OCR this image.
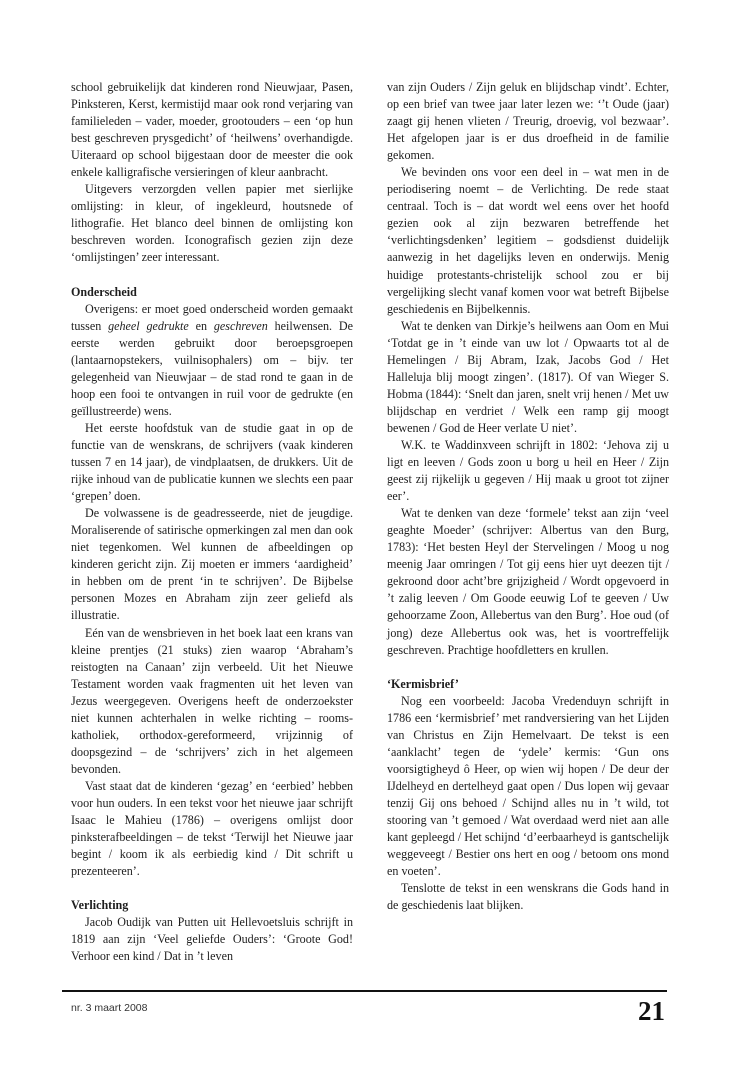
school gebruikelijk dat kinderen rond Nieuwjaar, Pasen, Pinksteren, Kerst, kermistijd maar ook rond verjaring van familieleden – vader, moeder, grootouders – een ‘op hun best geschreven prysgedicht’ of ‘heilwens’ overhandigde. Uiteraard op school bijgestaan door de meester die ook enkele kalligrafische versieringen of kleur aanbracht.

Uitgevers verzorgden vellen papier met sierlijke omlijsting: in kleur, of ingekleurd, houtsnede of lithografie. Het blanco deel binnen de omlijsting kon beschreven worden. Iconografisch gezien zijn deze ‘omlijstingen’ zeer interessant.

Onderscheid

Overigens: er moet goed onderscheid worden gemaakt tussen geheel gedrukte en geschreven heilwensen. De eerste werden gebruikt door beroepsgroepen (lantaarnopstekers, vuilnisophalers) om – bijv. ter gelegenheid van Nieuwjaar – de stad rond te gaan in de hoop een fooi te ontvangen in ruil voor de gedrukte (en geïllustreerde) wens.

Het eerste hoofdstuk van de studie gaat in op de functie van de wenskrans, de schrijvers (vaak kinderen tussen 7 en 14 jaar), de vindplaatsen, de drukkers. Uit de rijke inhoud van de publicatie kunnen we slechts een paar ‘grepen’ doen.

De volwassene is de geadresseerde, niet de jeugdige. Moraliserende of satirische opmerkingen zal men dan ook niet tegenkomen. Wel kunnen de afbeeldingen op kinderen gericht zijn. Zij moeten er immers ‘aardigheid’ in hebben om de prent ‘in te schrijven’. De Bijbelse personen Mozes en Abraham zijn zeer geliefd als illustratie.

Eén van de wensbrieven in het boek laat een krans van kleine prentjes (21 stuks) zien waarop ‘Abraham’s reistogten na Canaan’ zijn verbeeld. Uit het Nieuwe Testament worden vaak fragmenten uit het leven van Jezus weergegeven. Overigens heeft de onderzoekster niet kunnen achterhalen in welke richting – rooms-katholiek, orthodox-gereformeerd, vrijzinnig of doopsgezind – de ‘schrijvers’ zich in het algemeen bevonden.

Vast staat dat de kinderen ‘gezag’ en ‘eerbied’ hebben voor hun ouders. In een tekst voor het nieuwe jaar schrijft Isaac le Mahieu (1786) – overigens omlijst door pinksterafbeeldingen – de tekst ‘Terwijl het Nieuwe jaar begint / koom ik als eerbiedig kind / Dit schrift u prezenteeren’.

Verlichting

Jacob Oudijk van Putten uit Hellevoetsluis schrijft in 1819 aan zijn ‘Veel geliefde Ouders’: ‘Groote God! Verhoor een kind / Dat in ’t leven

van zijn Ouders / Zijn geluk en blijdschap vindt’. Echter, op een brief van twee jaar later lezen we: ‘’t Oude (jaar) zaagt gij henen vlieten / Treurig, droevig, vol bezwaar’. Het afgelopen jaar is er dus droefheid in de familie gekomen.

We bevinden ons voor een deel in – wat men in de periodisering noemt – de Verlichting. De rede staat centraal. Toch is – dat wordt wel eens over het hoofd gezien ook al zijn bezwaren betreffende het ‘verlichtingsdenken’ legitiem – godsdienst duidelijk aanwezig in het dagelijks leven en onderwijs. Menig huidige protestants-christelijk school zou er bij vergelijking slecht vanaf komen voor wat betreft Bijbelse geschiedenis en Bijbelkennis.

Wat te denken van Dirkje’s heilwens aan Oom en Mui ‘Totdat ge in ’t einde van uw lot / Opwaarts tot al de Hemelingen / Bij Abram, Izak, Jacobs God / Het Halleluja blij moogt zingen’. (1817). Of van Wieger S. Hobma (1844): ‘Snelt dan jaren, snelt vrij henen / Met uw blijdschap en verdriet / Welk een ramp gij moogt bewenen / God de Heer verlate U niet’.

W.K. te Waddinxveen schrijft in 1802: ‘Jehova zij u ligt en leeven / Gods zoon u borg u heil en Heer / Zijn geest zij rijkelijk u gegeven / Hij maak u groot tot zijner eer’.

Wat te denken van deze ‘formele’ tekst aan zijn ‘veel geaghte Moeder’ (schrijver: Albertus van den Burg, 1783): ‘Het besten Heyl der Stervelingen / Moog u nog meenig Jaar omringen / Tot gij eens hier uyt deezen tijt / gekroond door acht’bre grijzigheid / Wordt opgevoerd in ’t zalig leeven / Om Goode eeuwig Lof te geeven / Uw gehoorzame Zoon, Allebertus van den Burg’. Hoe oud (of jong) deze Allebertus ook was, het is voortreffelijk geschreven. Prachtige hoofdletters en krullen.

‘Kermisbrief’

Nog een voorbeeld: Jacoba Vredenduyn schrijft in 1786 een ‘kermisbrief’ met randversiering van het Lijden van Christus en Zijn Hemelvaart. De tekst is een ‘aanklacht’ tegen de ‘ydele’ kermis: ‘Gun ons voorsigtigheyd ô Heer, op wien wij hopen / De deur der IJdelheyd en dertelheyd gaat open / Dus lopen wij gevaar tenzij Gij ons behoed / Schijnd alles nu in ’t wild, tot stooring van ’t gemoed / Wat overdaad werd niet aan alle kant gepleegd / Het schijnd ‘d’eerbaarheyd is gantschelijk weggeveegt / Bestier ons hert en oog / betoom ons mond en voeten’.

Tenslotte de tekst in een wenskrans die Gods hand in de geschiedenis laat blijken.

nr. 3 maart 2008	21
